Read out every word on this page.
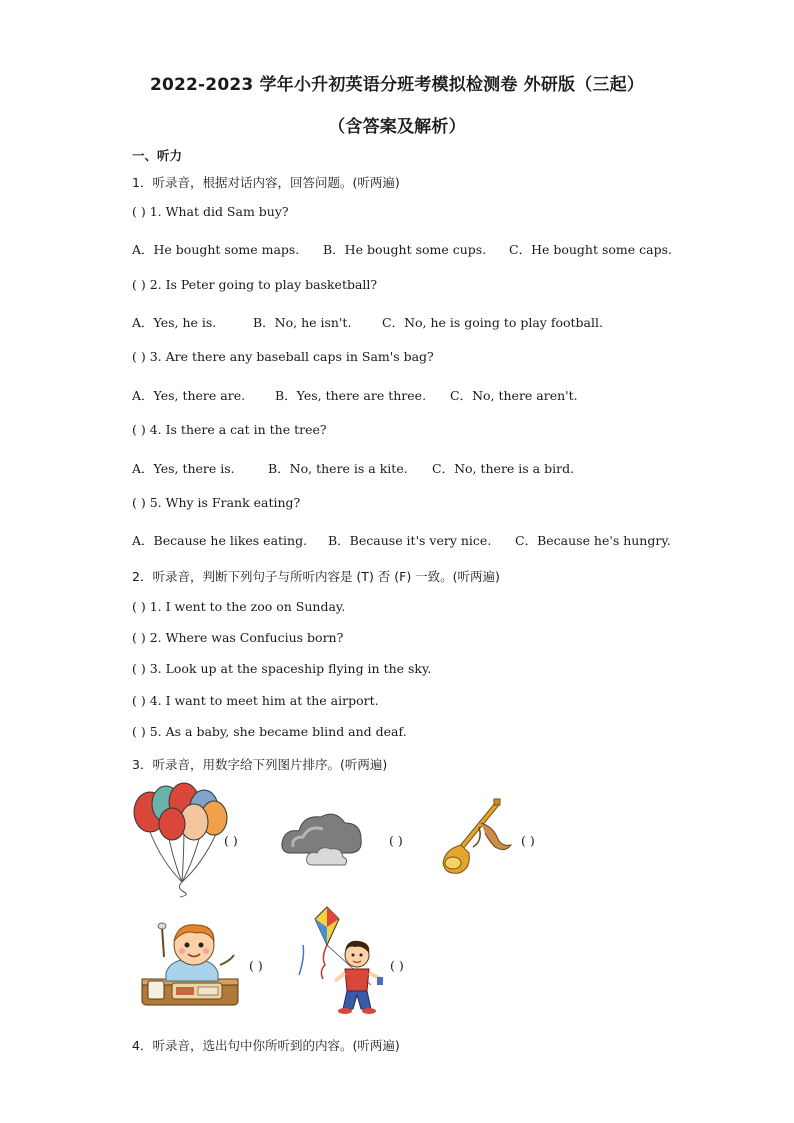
2022-2023 学年小升初英语分班考模拟检测卷 外研版（三起）
（含答案及解析）
一、听力
1．听录音，根据对话内容，回答问题。(听两遍)
( ) 1. What did Sam buy?
A．He bought some maps. B．He bought some cups. C．He bought some caps.
( ) 2. Is Peter going to play basketball?
A．Yes, he is.	B．No, he isn't. C．No, he is going to play football.
( ) 3. Are there any baseball caps in Sam's bag?
A．Yes, there are. B．Yes, there are three. C．No, there aren't.
( ) 4. Is there a cat in the tree?
A．Yes, there is.	B．No, there is a kite. C．No, there is a bird.
( ) 5. Why is Frank eating?
A．Because he likes eating. B．Because it's very nice. C．Because he's hungry.
2．听录音，判断下列句子与所听内容是 (T) 否 (F) 一致。(听两遍)
( ) 1. I went to the zoo on Sunday.
( ) 2. Where was Confucius born?
( ) 3. Look up at the spaceship flying in the sky.
( ) 4. I want to meet him at the airport.
( ) 5. As a baby, she became blind and deaf.
3．听录音，用数字给下列图片排序。(听两遍)
( )	( )	( )
( )	( )
4．听录音，选出句中你所听到的内容。(听两遍)
